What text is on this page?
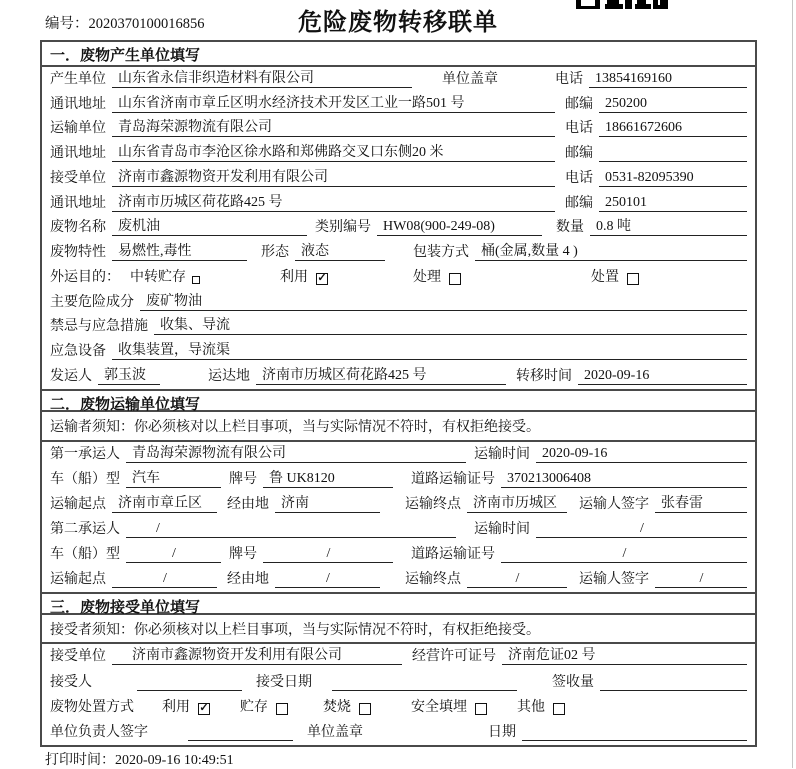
编号：2020370100016856	危险废物转移联单
一．废物产生单位填写
产生单位 山东省永信非织造材料有限公司	单位盖章	电话 13854169160
通讯地址 山东省济南市章丘区明水经济技术开发区工业一路501 号	邮编 250200
运输单位 青岛海荣源物流有限公司	电话 18661672606
通讯地址 山东省青岛市李沧区徐水路和郑佛路交叉口东侧20 米	邮编
接受单位 济南市鑫源物资开发利用有限公司	电话 0531-82095390
通讯地址 济南市历城区荷花路425 号	邮编 250101
废物名称 废机油	类别编号 HW08(900-249-08)	数量 0.8 吨
废物特性 易燃性,毒性	形态 液态	包装方式 桶(金属,数量 4 )
外运目的： 中转贮存	利用 ✓	处理	处置
主要危险成分 废矿物油
禁忌与应急措施 收集、导流
应急设备 收集装置，导流渠
发运人 郭玉波	运达地 济南市历城区荷花路425 号	转移时间 2020-09-16
二．废物运输单位填写
运输者须知：你必须核对以上栏目事项，当与实际情况不符时，有权拒绝接受。
第一承运人 青岛海荣源物流有限公司	运输时间 2020-09-16
车（船）型 汽车	牌号 鲁 UK8120	道路运输证号 370213006408
运输起点 济南市章丘区	经由地 济南	运输终点 济南市历城区	运输人签字 张春雷
第二承运人	/	运输时间	/
车（船）型	/	牌号	/	道路运输证号	/
运输起点	/	经由地	/	运输终点	/	运输人签字	/
三．废物接受单位填写
接受者须知：你必须核对以上栏目事项，当与实际情况不符时，有权拒绝接受。
接受单位	济南市鑫源物资开发利用有限公司	经营许可证号 济南危证02 号
接受人	接受日期	签收量
废物处置方式 利用 ✓ 贮存	焚烧	安全填埋	其他
单位负责人签字	单位盖章	日期
打印时间：2020-09-16 10:49:51
